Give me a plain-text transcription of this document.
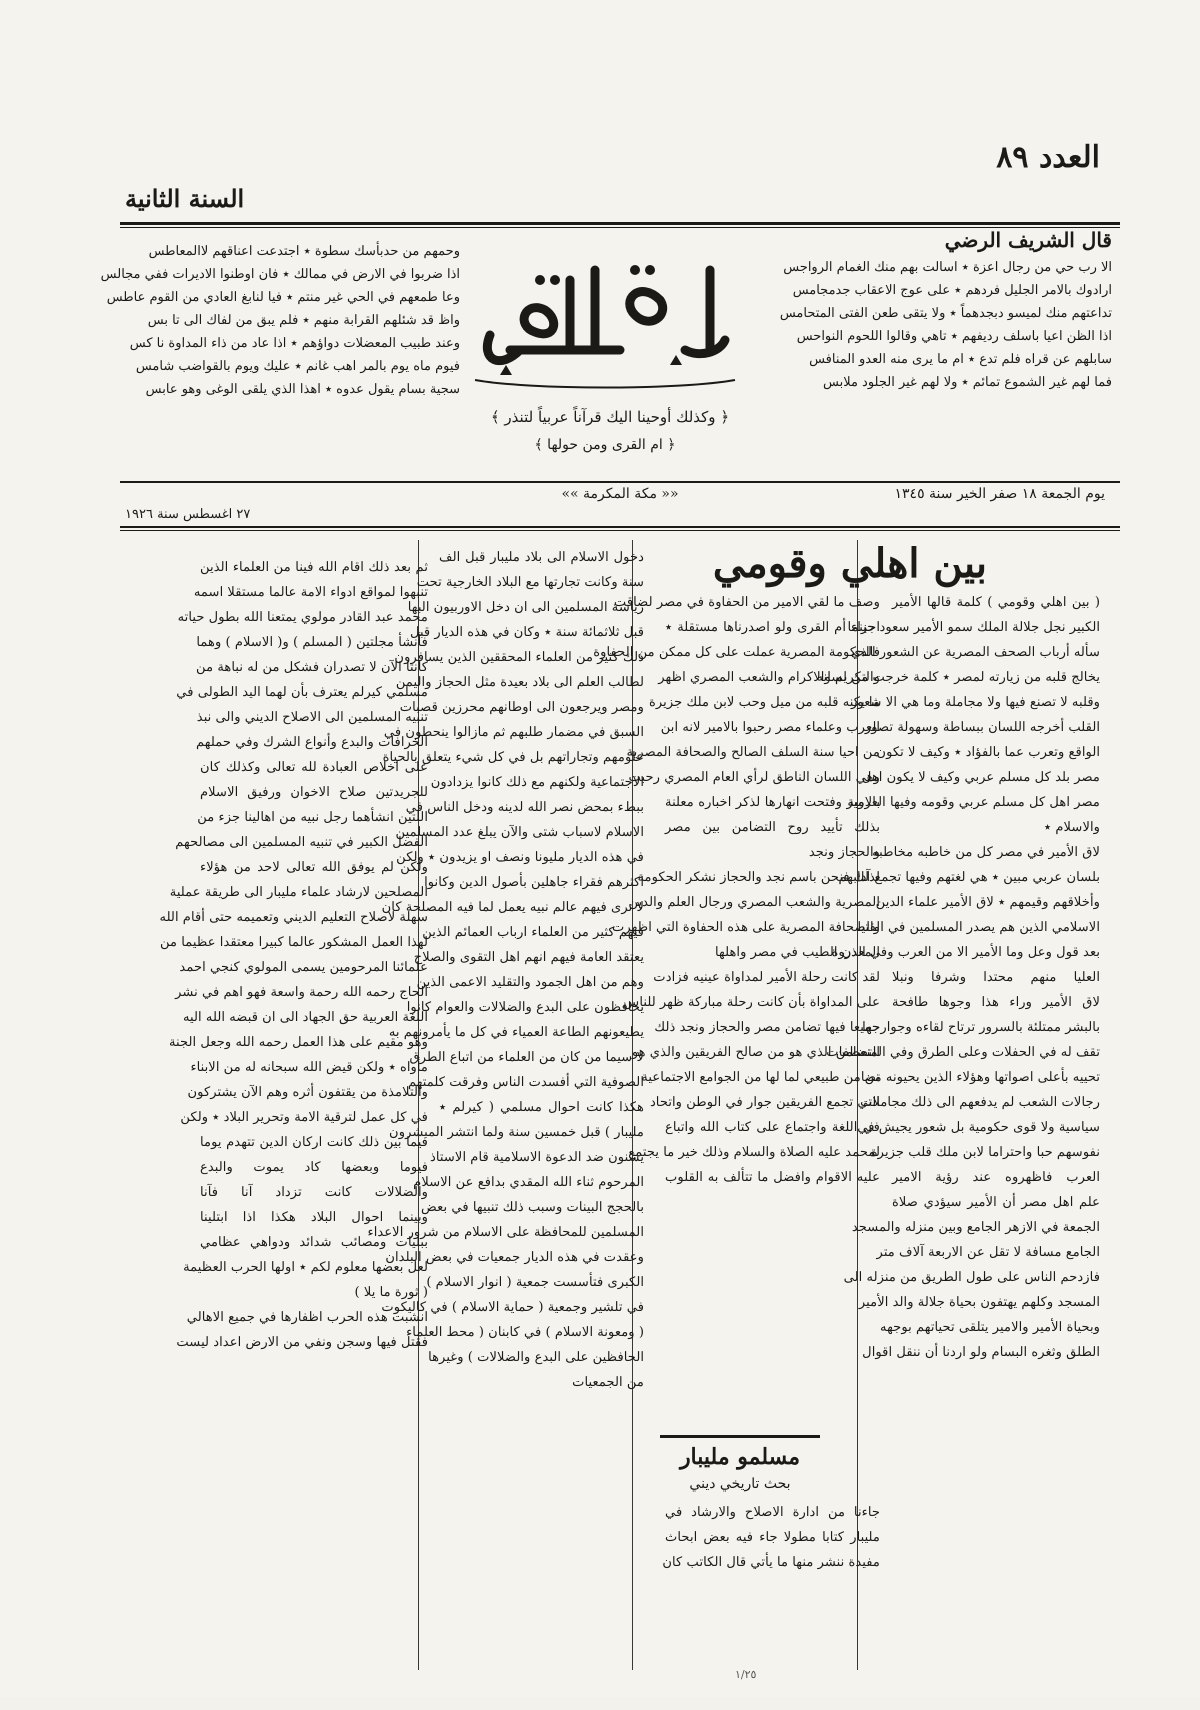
العدد ٨٩
السنة الثانية
قال الشريف الرضي
الا رب حي من رجال اعزة ٭ اسالت بهم منك الغمام الرواجس
ارادوك بالامر الجليل فردهم ٭ على عوج الاعقاب جدمجامس
تداعتهم منك لميسو دبجدهماً ٭ ولا يتقى طعن الفتى المتحامس
اذا الظن اعيا باسلف رديفهم ٭ تاهي وقالوا اللحوم النواحس
سابلهم عن قراه فلم تدع ٭ ام ما يرى منه العدو المنافس
فما لهم غير الشموع تمائم ٭ ولا لهم غير الجلود ملابس
وحمهم من حدبأسك سطوة ٭ اجتدعت اعناقهم لاالمعاطس
اذا ضربوا في الارض في ممالك ٭ فان اوطنوا الاديرات ففي مجالس
وعا طمعهم في الحي غير منتم ٭ فيا لنابغ العادي من القوم عاطس
واظ قد شئلهم القرابة منهم ٭ فلم يبق من لفاك الى تا بس
وعند طبيب المعضلات دواؤهم ٭ اذا عاد من ذاء المداوة نا كس
فيوم ماه يوم بالمر اهب غانم ٭ عليك ويوم بالقواضب شامس
سجية بسام يقول عدوه ٭ اهذا الذي يلقى الوغى وهو عابس
﴿ وكذلك أوحينا اليك قرآناً عربياً لتنذر ﴾
﴿ ام القرى ومن حولها ﴾
يوم الجمعة ١٨ صفر الخير سنة ١٣٤٥
«« مكة المكرمة »»
٢٧ اغسطس سنة ١٩٢٦
بين اهلي وقومي
( بين اهلي وقومي ) كلمة قالها الأمير
الكبير نجل جلالة الملك سمو الأمير سعود حينما
سأله أرباب الصحف المصرية عن الشعور الذي
يخالج قلبه من زيارته لمصر ٭ كلمة خرجت من لسانه
وقلبه لا تصنع فيها ولا مجاملة وما هي الا شعور
القلب أخرجه اللسان ببساطة وسهولة تصور
الواقع وتعرب عما بالفؤاد ٭ وكيف لا تكون
مصر بلد كل مسلم عربي وكيف لا يكون اهل
مصر اهل كل مسلم عربي وقومه وفيها العروبة
والاسلام ٭
لاق الأمير في مصر كل من خاطبه مخاطبه
بلسان عربي مبين ٭ هي لغتهم وفيها تجمع آدابهم
وأخلاقهم وقيمهم ٭ لاق الأمير علماء الدين
الاسلامي الذين هم يصدر المسلمين في الفتيا
بعد قول وعل وما الأمير الا من العرب وفي الذروة
العليا منهم محتدا وشرفا ونبلا
لاق الأمير وراء هذا وجوها طافحة
بالبشر ممتلئة بالسرور ترتاح لقاءه وجوارحها
تقف له في الحفلات وعلى الطرق وفي المنعطفات
تحييه بأعلى اصواتها وهؤلاء الذين يحيونه من
رجالات الشعب لم يدفعهم الى ذلك مجاملات
سياسية ولا قوى حكومية بل شعور يجيش في
نفوسهم حبا واحتراما لابن ملك قلب جزيرة
العرب فاظهروه عند رؤية الامير
علم اهل مصر أن الأمير سيؤدي صلاة
الجمعة في الازهر الجامع وبين منزله والمسجد
الجامع مسافة لا تقل عن الاربعة آلاف متر
فازدحم الناس على طول الطريق من منزله الى
المسجد وكلهم يهتفون بحياة جلالة والد الأمير
وبحياة الأمير والامير يتلقى تحياتهم بوجهه
الطلق وثغره البسام ولو اردنا أن ننقل اقوال
وصف ما لقي الامير من الحفاوة في مصر لضاقت
اجزاء أم القرى ولو اصدرناها مستقلة ٭
فالحكومة المصرية عملت على كل ممكن من الحفاوة
والتكريم والاكرام والشعب المصري اظهر
ما يكنه قلبه من ميل وحب لابن ملك جزيرة
العرب وعلماء مصر رحبوا بالامير لانه ابن
من احيا سنة السلف الصالح والصحافة المصرية
وهي اللسان الناطق لرأي العام المصري رحبت
بالامير وفتحت انهارها لذكر اخباره معلنة
بذلك تأييد روح التضامن بين مصر
والحجاز ونجد
لذلك فنحن باسم نجد والحجاز نشكر الحكومة
المصرية والشعب المصري ورجال العلم والدين
والصحافة المصرية على هذه الحفاوة التي اظهرت
المعدن الطيب في مصر واهلها
لقد كانت رحلة الأمير لمداواة عينيه فزادت
على المداواة بأن كانت رحلة مباركة ظهر للناس
جميعا فيها تضامن مصر والحجاز ونجد ذلك
التضامن الذي هو من صالح الفريقين والذي هو
تضامن طبيعي لما لها من الجوامع الاجتماعية
التي تجمع الفريقين جوار في الوطن واتحاد
في اللغة واجتماع على كتاب الله واتباع
لمحمد عليه الصلاة والسلام وذلك خير ما يجتمع
عليه الاقوام وافضل ما تتألف به القلوب
مسلمو مليبار
بحث تاريخي ديني
جاءنا من ادارة الاصلاح والارشاد في
مليبار كتابا مطولا جاء فيه بعض ابحاث
مفيدة ننشر منها ما يأتي قال الكاتب كان
دخول الاسلام الى بلاد مليبار قبل الف
سنة وكانت تجارتها مع البلاد الخارجية تحت
رياسة المسلمين الى ان دخل الاوربيون البها
قبل ثلاثمائة سنة ٭ وكان في هذه الديار قبل
ذلك كثير من العلماء المحققين الذين يسافرون
لطالب العلم الى بلاد بعيدة مثل الحجاز واليمن
ومصر ويرجعون الى اوطانهم محرزين قصبات
السبق في مضمار طلبهم ثم مازالوا ينحطون في
علومهم وتجاراتهم بل في كل شيء يتعلق بالحياة
الاجتماعية ولكنهم مع ذلك كانوا يزدادون
ببطء بمحض نصر الله لدينه ودخل الناس في
الاسلام لاسباب شتى والآن يبلغ عدد المسلمين
في هذه الديار مليونا ونصف او يزيدون ٭ ولكن
اكثرهم فقراء جاهلين بأصول الدين وكانوا
لا ترى فيهم عالم نبيه يعمل لما فيه المصلحة كان
فيهم كثير من العلماء ارباب العمائم الذين
يعتقد العامة فيهم انهم اهل التقوى والصلاح
وهم من اهل الجمود والتقليد الاعمى الذين
يحافظون على البدع والضلالات والعوام كانوا
يطيعونهم الطاعة العمياء في كل ما يأمرونهم به
لا سيما من كان من العلماء من اتباع الطرق
الصوفية التي أفسدت الناس وفرقت كلمتهم
هكذا كانت احوال مسلمي ( كيرلم ٭
مليبار ) قبل خمسين سنة ولما انتشر المبشرون
يشنون ضد الدعوة الاسلامية قام الاستاذ
المرحوم ثناء الله المقدي بدافع عن الاسلام
بالحجج البينات وسبب ذلك تنبيها في بعض
المسلمين للمحافظة على الاسلام من شرور الاعداء
وعقدت في هذه الديار جمعيات في بعض البلدان
الكبرى فتأسست جمعية ( انوار الاسلام )
في تلشير وجمعية ( حماية الاسلام ) في كاليكوت
( ومعونة الاسلام ) في كابنان ( محط العلماء
الحافظين على البدع والضلالات ) وغيرها
من الجمعيات
ثم بعد ذلك اقام الله فينا من العلماء الذين
تنبهوا لمواقع ادواء الامة عالما مستقلا اسمه
محمد عبد القادر مولوي يمتعنا الله بطول حياته
فأنشأ مجلتين ( المسلم ) و( الاسلام ) وهما
كانتا الآن لا تصدران فشكل من له نباهة من
مسلمي كيرلم يعترف بأن لهما اليد الطولى في
تنبيه المسلمين الى الاصلاح الديني والى نبذ
الخرافات والبدع وأنواع الشرك وفي حملهم
على اخلاص العبادة لله تعالى وكذلك كان
للجريدتين صلاح الاخوان ورفيق الاسلام
اللتين انشأهما رجل نبيه من اهالينا جزء من
الفضل الكبير في تنبيه المسلمين الى مصالحهم
ولكن لم يوفق الله تعالى لاحد من هؤلاء
المصلحين لارشاد علماء مليبار الى طريقة عملية
سهلة لاصلاح التعليم الديني وتعميمه حتى أقام الله
لهذا العمل المشكور عالما كبيرا معتقدا عظيما من
علمائنا المرحومين يسمى المولوي كنجي احمد
الحاج رحمه الله رحمة واسعة فهو اهم في نشر
اللغة العربية حق الجهاد الى ان قبضه الله اليه
وهو مقيم على هذا العمل رحمه الله وجعل الجنة
مأواه ٭ ولكن قيض الله سبحانه له من الابناء
والتلامذة من يقتفون أثره وهم الآن يشتركون
في كل عمل لترقية الامة وتحرير البلاد ٭ ولكن
فيما بين ذلك كانت اركان الدين تتهدم يوما
فيوما وبعضها كاد يموت والبدع
والضلالات كانت تزداد آنا فآنا
وبينما احوال البلاد هكذا اذا ابتلينا
ببليات ومصائب شدائد ودواهي عظامي
لعل بعضها معلوم لكم ٭ اولها الحرب العظيمة
( ثورة ما يلا )
انشبت هذه الحرب اظفارها في جميع الاهالي
فقتل فيها وسجن ونفي من الارض اعداد ليست
١/٢٥
